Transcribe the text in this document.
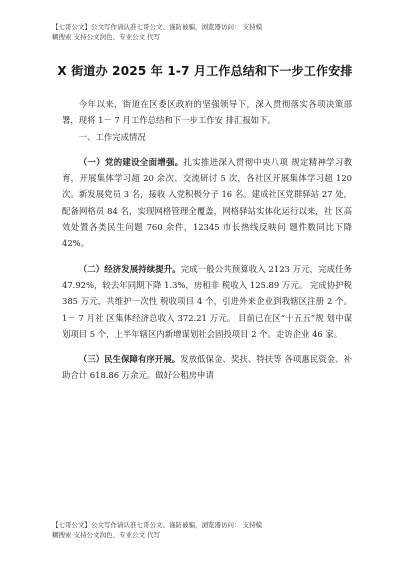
【七哥公文】公文写作请认准七哥公文、谨防被骗，浏览器访问： 支持模
糊搜索 支持公文润色、专业公文 代写
X 街道办 2025 年 1-7 月工作总结和下一步工作安排

今年以来，街道在区委区政府的坚强领导下，深入贯彻落实各项决策部署，现将 1－ 7 月工作总结和下一步工作安 排汇报如下。

一、工作完成情况

（一）党的建设全面增强。扎实推进深入贯彻中央八项 规定精神学习教育，开展集体学习超 20 余次、交流研讨 5 次，各社区开展集体学习超 120 次。新发展党员 3 名，接收 入党积极分子 16 名。建成社区党群驿站 27 处，配备网格员 84 名，实现网格管理全覆盖，网格驿站实体化运行以来，社 区高效处置各类民生问题 760 余件，12345 市长热线反映问 题件数同比下降 42%。

（二）经济发展持续提升。完成一般公共预算收入 2123 万元，完成任务 47.92%，较去年同期下降 1.3%，房租非 税收入 125.89 万元。 完成协护税 385 万元，共维护一次性 税收项目 4 个，引进外来企业到我辖区注册 2 个。1－ 7 月社 区集体经济总收入 372.21 万元。 目前已在区“十五五”规 划中谋划项目 5 个，上半年辖区内新增谋划社会固投项目 2 个。走访企业 46 家。

（三）民生保障有序开展。发放低保金、奖扶、特扶等 各项惠民资金、补助合计 618.86 万余元。做好公租房申请

【七哥公文】公文写作请认准七哥公文、谨防被骗，浏览器访问： 支持模
糊搜索 支持公文润色、专业公文 代写
